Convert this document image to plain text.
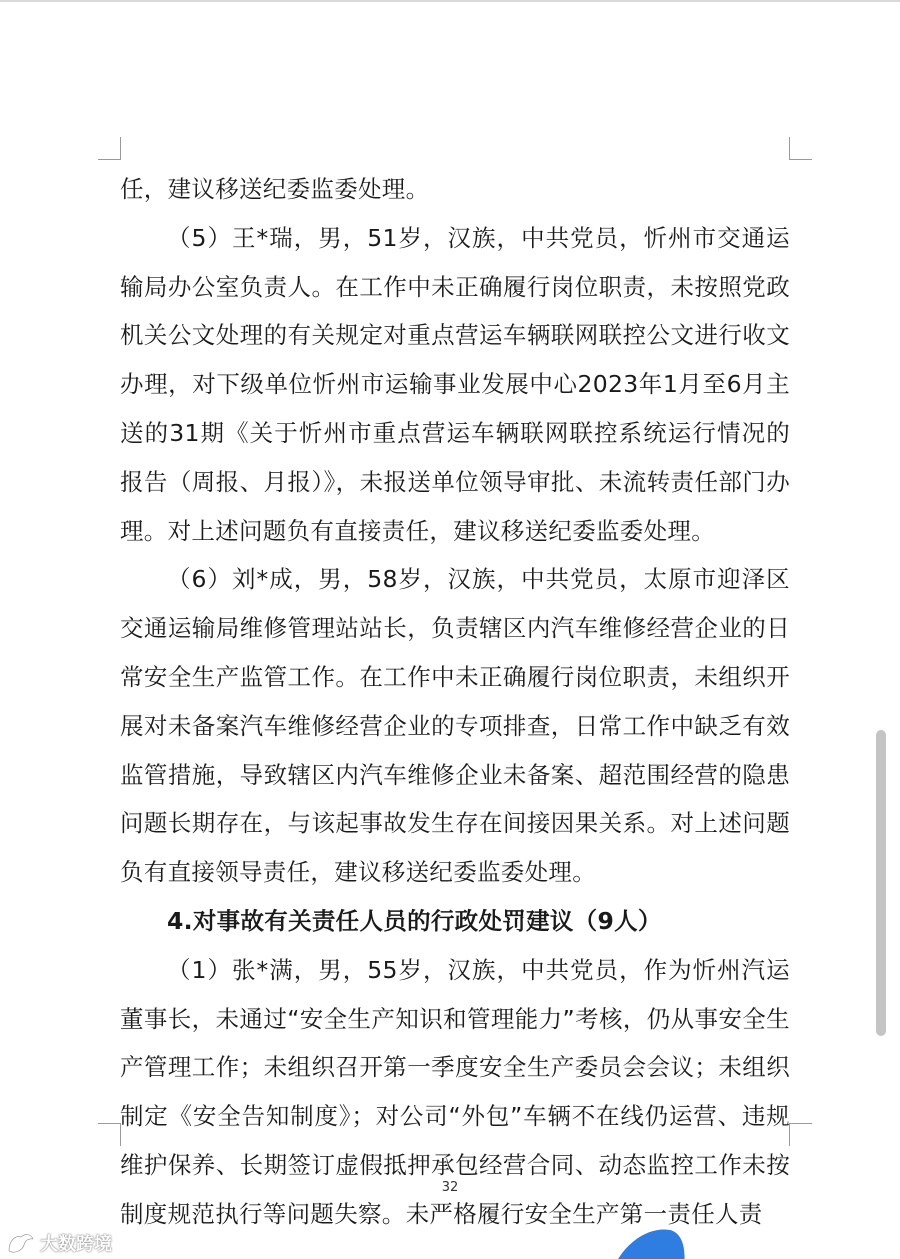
任，建议移送纪委监委处理。

（5）王*瑞，男，51岁，汉族，中共党员，忻州市交通运输局办公室负责人。在工作中未正确履行岗位职责，未按照党政机关公文处理的有关规定对重点营运车辆联网联控公文进行收文办理，对下级单位忻州市运输事业发展中心2023年1月至6月主送的31期《关于忻州市重点营运车辆联网联控系统运行情况的报告（周报、月报）》，未报送单位领导审批、未流转责任部门办理。对上述问题负有直接责任，建议移送纪委监委处理。

（6）刘*成，男，58岁，汉族，中共党员，太原市迎泽区交通运输局维修管理站站长，负责辖区内汽车维修经营企业的日常安全生产监管工作。在工作中未正确履行岗位职责，未组织开展对未备案汽车维修经营企业的专项排查，日常工作中缺乏有效监管措施，导致辖区内汽车维修企业未备案、超范围经营的隐患问题长期存在，与该起事故发生存在间接因果关系。对上述问题负有直接领导责任，建议移送纪委监委处理。

4.对事故有关责任人员的行政处罚建议（9人）

（1）张*满，男，55岁，汉族，中共党员，作为忻州汽运董事长，未通过“安全生产知识和管理能力”考核，仍从事安全生产管理工作；未组织召开第一季度安全生产委员会会议；未组织制定《安全告知制度》；对公司“外包”车辆不在线仍运营、违规维护保养、长期签订虚假抵押承包经营合同、动态监控工作未按制度规范执行等问题失察。未严格履行安全生产第一责任人责

32
大数跨境
